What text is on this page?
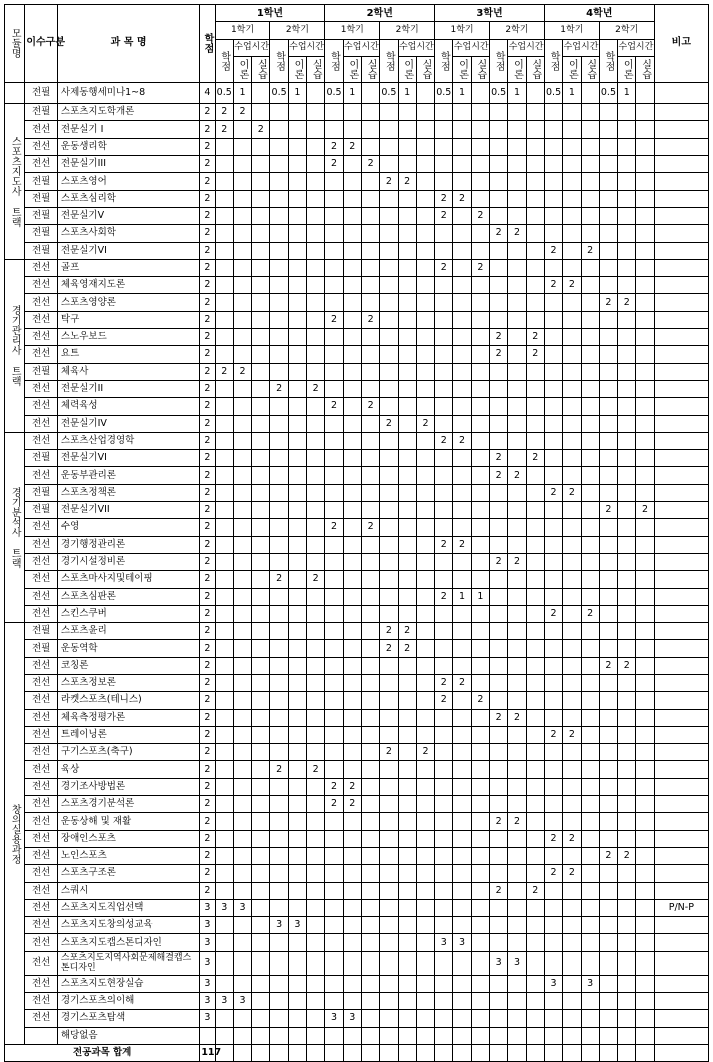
모듈명	이수구분	과 목 명	학점	1학년						2학년						3학년						4학년						비고
				1학기			2학기			1학기			2학기			1학기			2학기			1학기			2학기			
				학점	수업시간		학점	수업시간		학점	수업시간		학점	수업시간		학점	수업시간		학점	수업시간		학점	수업시간		학점	수업시간		
					이론	실습		이론	실습		이론	실습		이론	실습		이론	실습		이론	실습		이론	실습		이론	실습	
	전필	사제동행세미나1~8	4	0.5	1		0.5	1		0.5	1		0.5	1		0.5	1		0.5	1		0.5	1		0.5	1		
스포츠지도사 트랙	전필	스포츠지도학개론	2	2	2																							
	전선	전문실기 I	2	2		2																						
	전선	운동생리학	2							2	2																	
	전선	전문실기III	2							2		2																
	전필	스포츠영어	2										2	2														
	전필	스포츠심리학	2													2	2											
	전필	전문실기V	2													2		2										
	전필	스포츠사회학	2																2	2								
	전필	전문실기VI	2																			2		2				
경기관리사 트랙	전선	골프	2													2		2										
	전선	체육영재지도론	2																			2	2					
	전선	스포츠영양론	2																						2	2		
	전선	탁구	2							2		2																
	전선	스노우보드	2																2		2							
	전선	요트	2																2		2							
	전필	체육사	2	2	2																							
	전선	전문실기II	2				2		2																			
	전선	체력육성	2							2		2																
	전선	전문실기IV	2										2		2													
경기분석사 트랙	전선	스포츠산업경영학	2													2	2											
	전필	전문실기VI	2																2		2							
	전선	운동부관리론	2																2	2								
	전필	스포츠정책론	2																			2	2					
	전필	전문실기VII	2																						2		2	
	전선	수영	2							2		2																
	전선	경기행정관리론	2													2	2											
	전선	경기시설정비론	2																2	2								
	전선	스포츠마사지및테이핑	2				2		2																			
	전선	스포츠심판론	2													2	1	1										
	전선	스킨스쿠버	2																			2		2				
창의실용과정	전필	스포츠윤리	2										2	2														
	전필	운동역학	2										2	2														
	전선	코칭론	2																						2	2		
	전선	스포츠정보론	2													2	2											
	전선	라켓스포츠(테니스)	2													2		2										
	전선	체육측정평가론	2																2	2								
	전선	트레이닝론	2																			2	2					
	전선	구기스포츠(축구)	2										2		2													
	전선	육상	2				2		2																			
	전선	경기조사방법론	2							2	2																	
	전선	스포츠경기분석론	2							2	2																	
	전선	운동상해 및 재활	2																2	2								
	전선	장애인스포츠	2																			2	2					
	전선	노인스포츠	2																						2	2		
	전선	스포츠구조론	2																			2	2					
	전선	스쿼시	2																2		2							
	전선	스포츠지도직업선택	3	3	3																							P/N-P
	전선	스포츠지도창의성교육	3				3	3																				
	전선	스포츠지도캡스톤디자인	3													3	3											
	전선	스포츠지도지역사회문제해결캡스톤디자인	3																3	3								
	전선	스포츠지도현장실습	3																			3		3				
	전선	경기스포츠의이해	3	3	3																							
	전선	경기스포츠탐색	3							3	3																	
		해당없음																										
전공과목 합계			117																									
